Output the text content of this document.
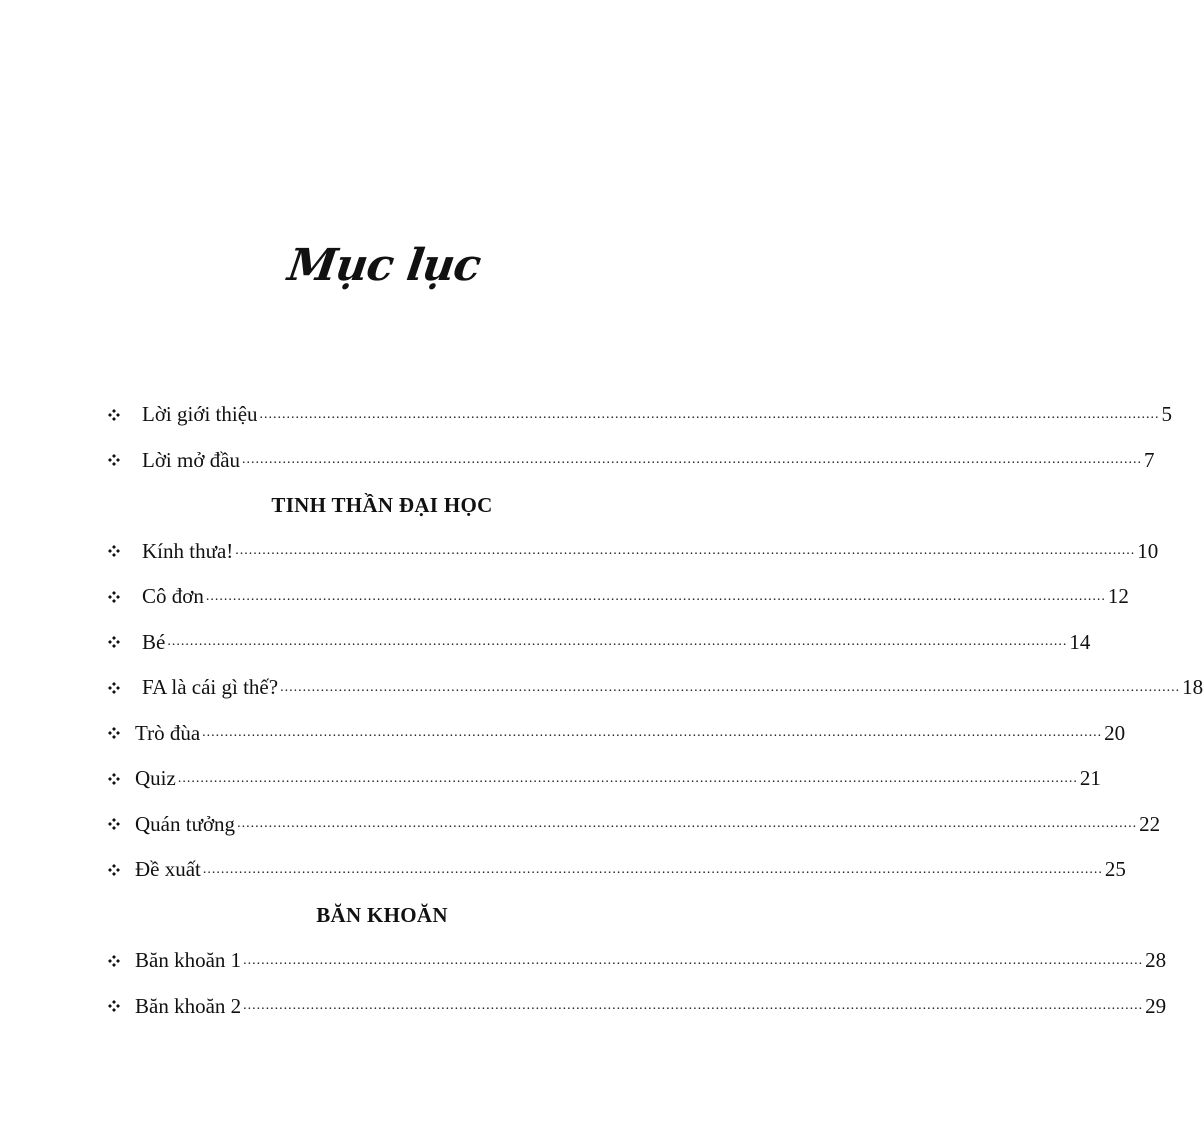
Mục lục
Lời giới thiệu ........................................................................................................................................................................................................ 5
Lời mở đầu ........................................................................................................................................................................................................ 7
TINH THẦN ĐẠI HỌC
Kính thưa! ........................................................................................................................................................................................................ 10
Cô đơn ........................................................................................................................................................................................................ 12
Bé ........................................................................................................................................................................................................ 14
FA là cái gì thế? ........................................................................................................................................................................................................ 18
Trò đùa ........................................................................................................................................................................................................ 20
Quiz ........................................................................................................................................................................................................ 21
Quán tưởng ........................................................................................................................................................................................................ 22
Đề xuất ........................................................................................................................................................................................................ 25
BĂN KHOĂN
Băn khoăn 1 ........................................................................................................................................................................................................ 28
Băn khoăn 2 ........................................................................................................................................................................................................ 29
